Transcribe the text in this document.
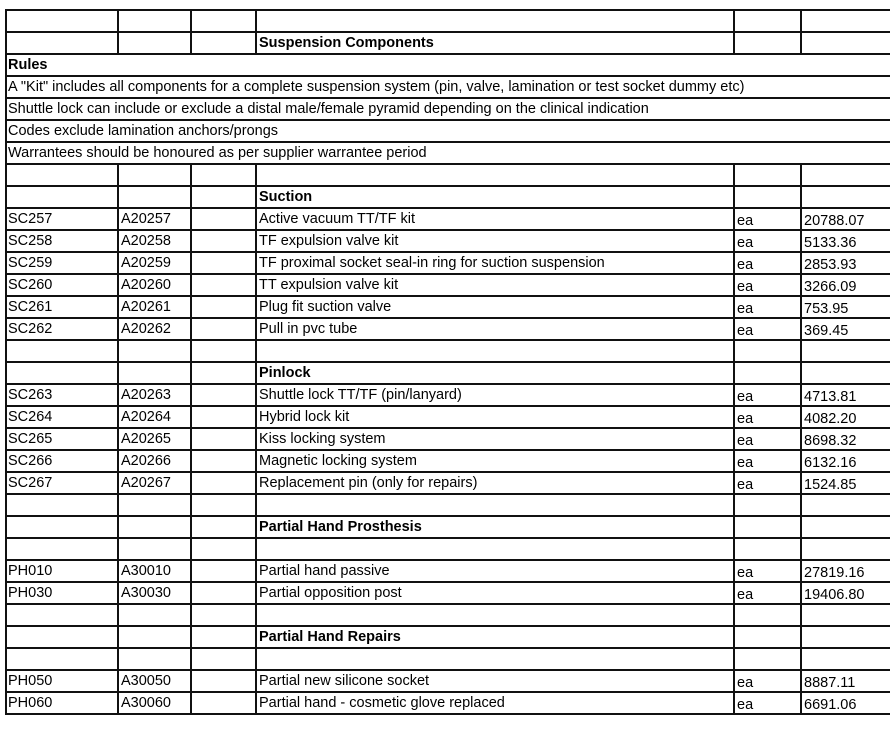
Suspension Components
Rules
A "Kit" includes all components for a complete suspension system (pin, valve, lamination or test socket dummy etc)
Shuttle lock can include or exclude a distal male/female pyramid depending on the clinical indication
Codes exclude lamination anchors/prongs
Warrantees should be honoured as per supplier warrantee period
Suction
SC257	A20257	Active vacuum TT/TF kit	ea	20788.07
SC258	A20258	TF expulsion valve kit	ea	5133.36
SC259	A20259	TF proximal socket seal-in ring for suction suspension	ea	2853.93
SC260	A20260	TT expulsion valve kit	ea	3266.09
SC261	A20261	Plug fit suction valve	ea	753.95
SC262	A20262	Pull in pvc tube	ea	369.45
Pinlock
SC263	A20263	Shuttle lock TT/TF (pin/lanyard)	ea	4713.81
SC264	A20264	Hybrid lock kit	ea	4082.20
SC265	A20265	Kiss locking system	ea	8698.32
SC266	A20266	Magnetic locking system	ea	6132.16
SC267	A20267	Replacement pin (only for repairs)	ea	1524.85
Partial Hand Prosthesis
PH010	A30010	Partial hand passive	ea	27819.16
PH030	A30030	Partial opposition post	ea	19406.80
Partial Hand Repairs
PH050	A30050	Partial new silicone socket	ea	8887.11
PH060	A30060	Partial hand - cosmetic glove replaced	ea	6691.06
